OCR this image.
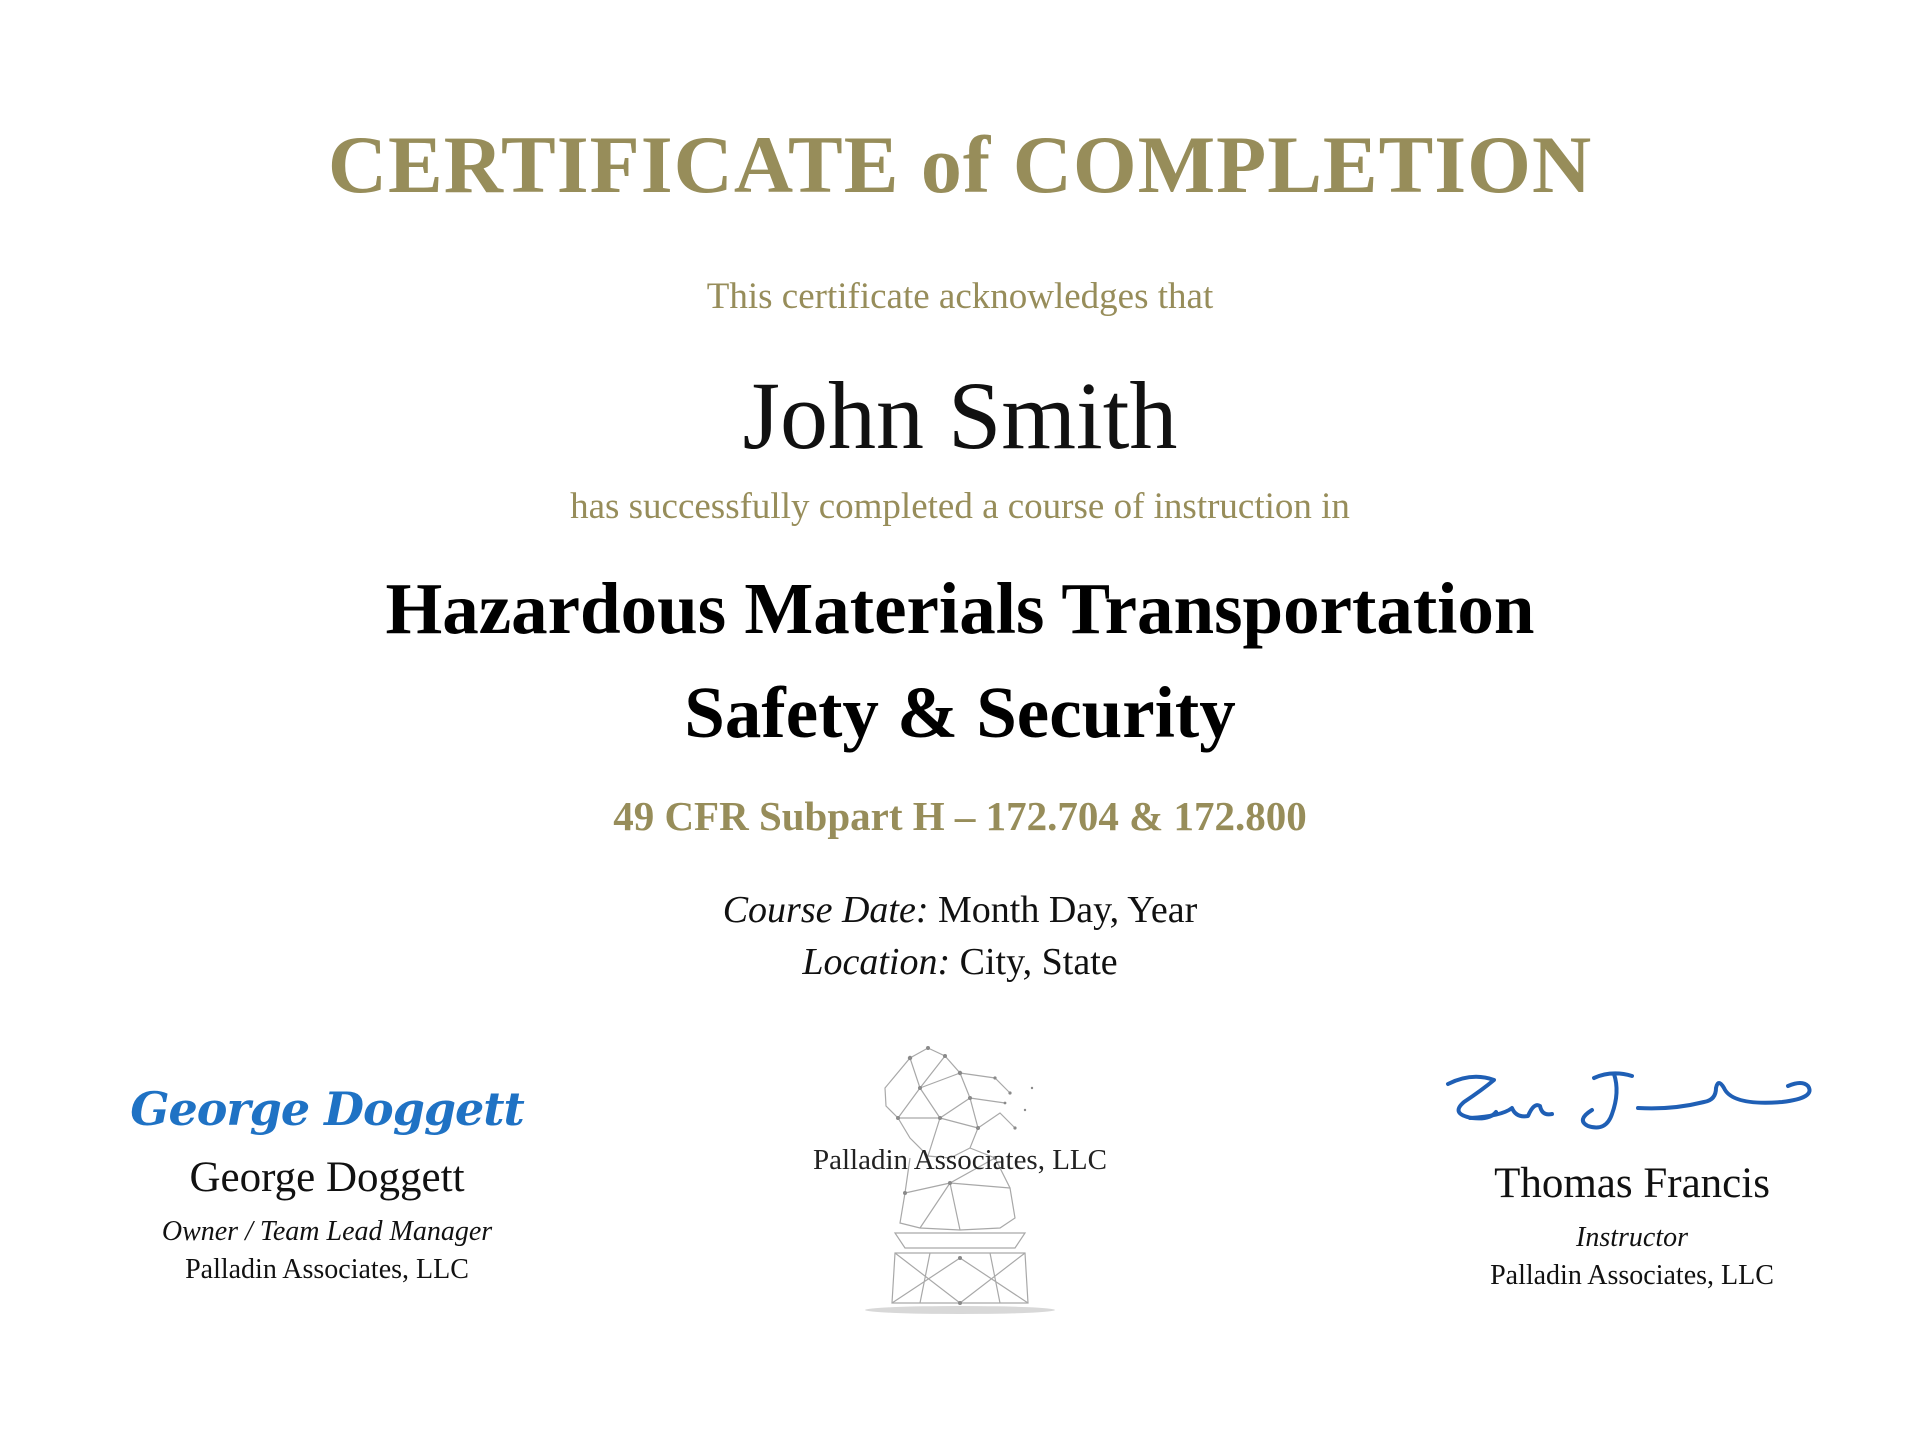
CERTIFICATE of COMPLETION
This certificate acknowledges that
John Smith
has successfully completed a course of instruction in
Hazardous Materials Transportation
Safety & Security
49 CFR Subpart H – 172.704 & 172.800
Course Date: Month Day, Year
Location: City, State
George Doggett
George Doggett
Owner / Team Lead Manager
Palladin Associates, LLC
Palladin Associates, LLC	Thomas Francis
Instructor
Palladin Associates, LLC
